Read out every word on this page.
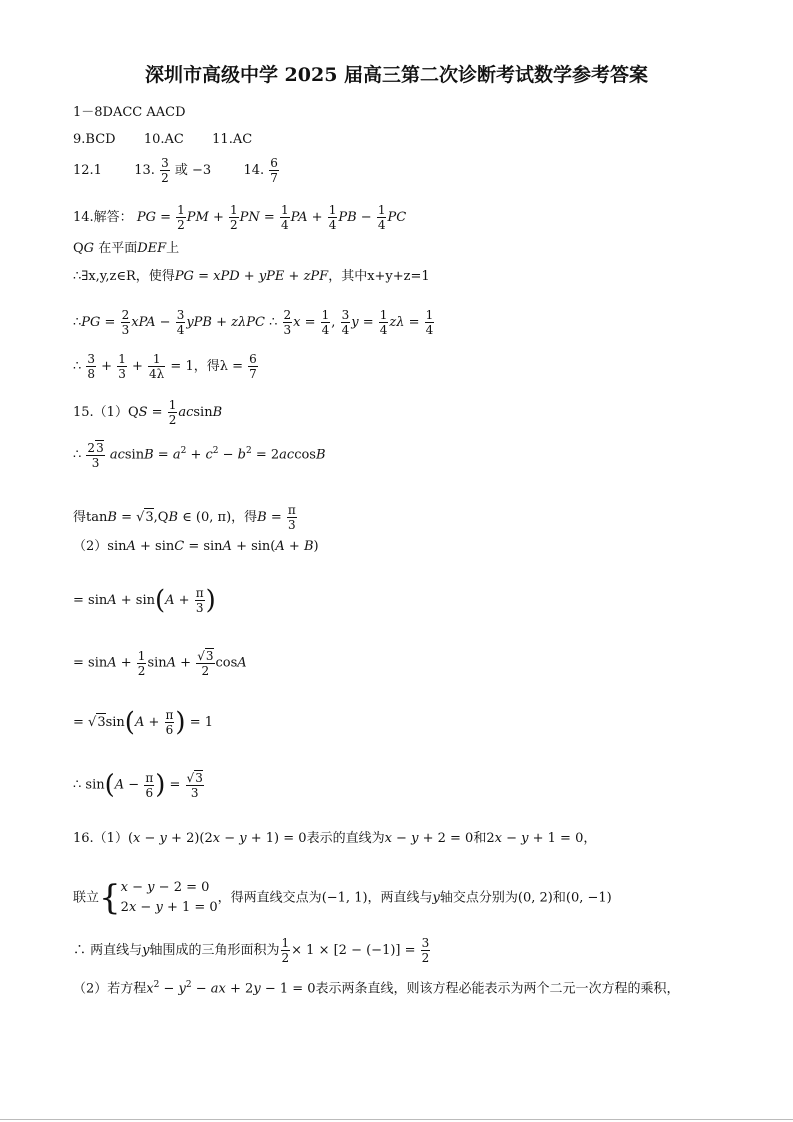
深圳市高级中学 2025 届高三第二次诊断考试数学参考答案
1－8DACC AACD
9.BCD 10.AC 11.AC
12.1 13. $\frac{3}{2}$ 或 −3 14. $\frac{6}{7}$
14.解答： PG = $\frac{1}{2}$ PM + $\frac{1}{2}$ PN = $\frac{1}{4}$ PA + $\frac{1}{4}$ PB − $\frac{1}{4}$ PC
QG 在平面DEF上
∴∃x,y,z∈R，使得PG = xPD + yPE + zPF，其中x+y+z=1
∴PG = $\frac{2}{3}$ xPA − $\frac{3}{4}$ yPB + zλPC ∴ $\frac{2}{3}$ $x = \frac{1}{4}$ , $\frac{3}{4}$ $y = \frac{1}{4}$ $z\lambda = \frac{1}{4}$
∴ $\frac{3}{8} + \frac{1}{3} + \frac{1}{4\lambda} = 1$，得$\lambda = \frac{6}{7}$
$15.(1)QS = \frac{1}{2}$ acsinB
∴ $\frac{23}{3}$ $acsinB = a^2 + c^2 - b^2 = 2accosB$
得tanB = √3,QB ∈ (0, π)，得$B = \frac{\pi}{3}$
（2）sinA + sinC = sinA + sin(A + B)
= $\sin A + \sin(A + \frac{\pi}{3}$ )
= $\sin A + \frac{1}{2}$ $\sin A + \frac{√3}{2}$ cosA
= $√3\sin(A + \frac{\pi}{6}$ ) = 1
∴ $\sin(A - \frac{\pi}{6}$ ) = $\frac{√3}{3}$
16.（1）(x − y + 2)(2x − y + 1) = 0表示的直线为x − y + 2 = 0和2x − y + 1 = 0，
联立{x − y − 2 = 0
2x − y + 1 = 0，得两直线交点为(−1, 1)，两直线与y轴交点分别为(0, 2)和(0, −1)
∴ 两直线与y轴围成的三角形面积为 $\frac{1}{2} \times 1 \times [2 - (-1)] = \frac{3}{2}$
（2）若方程$x^2 - y^2$ − ax + 2y − 1 = 0表示两条直线，则该方程必能表示为两个二元一次方程的乘积，
